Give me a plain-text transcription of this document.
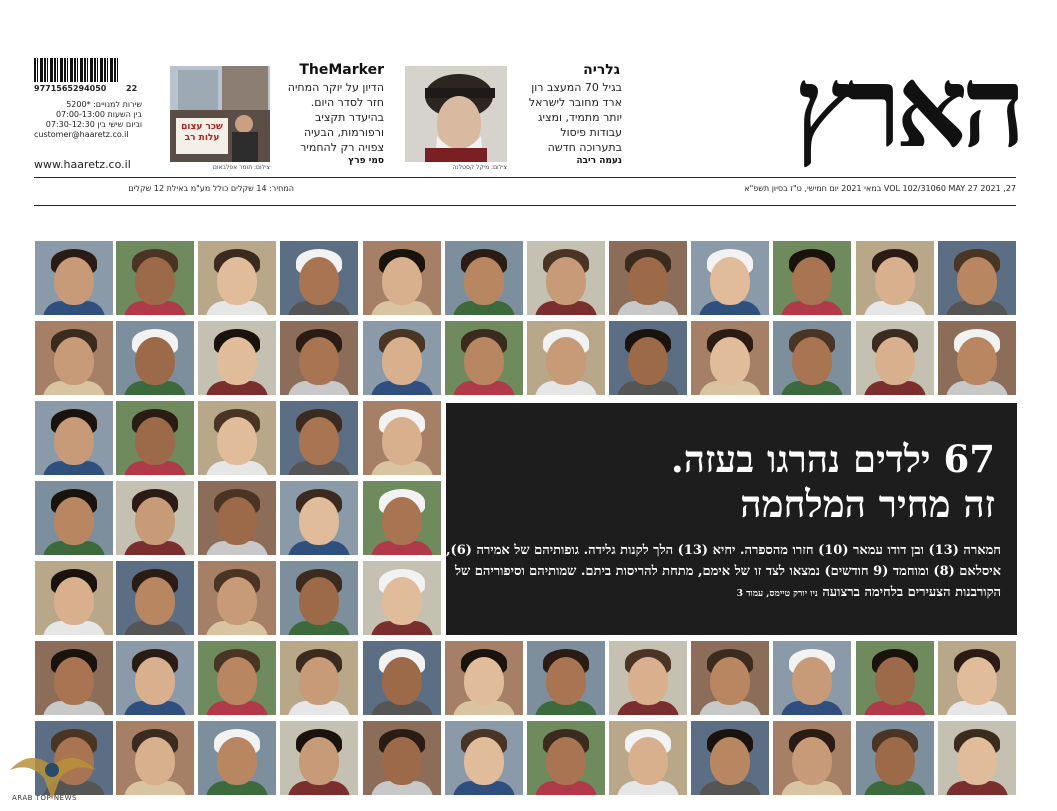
הארץ
גלריה
בגיל 70 המעצב רון ארד מחובר לישראל יותר מתמיד, ומציג עבודות פיסול בתערוכה חדשה
נעמה ריבה
צילום: מיקל קסטלנה
TheMarker
הדיון על יוקר המחיה חזר לסדר היום. בהיעדר תקציב ורפורמות, הבעיה צפויה רק להחמיר
סמי פרץ
שכר עצום עלות רב
צילום: תומר אפלבאום
9771565294050 22
שירות למנויים: *5200
בין השעות 07:00-13:00
וביום שישי בין 07:30-12:30
customer@haaretz.co.il
www.haaretz.co.il
VOL 102/31060 MAY 27 2021 ,27 במאי 2021 יום חמישי, ט"ז בסיון תשפ"א
המחיר: 14 שקלים כולל מע"מ באילת 12 שקלים
67 ילדים נהרגו בעזה.
זה מחיר המלחמה
חמארה (13) ובן דודו עמאר (10) חזרו מהספרה. יחיא (13) הלך לקנות גלידה. גופותיהם של אמירה (6), איסלאם (8) ומוחמד (9 חודשים) נמצאו לצד זו של אימם, מתחת להריסות ביתם. שמותיהם וסיפוריהם של הקורבנות הצעירים בלחימה ברצועה ניו יורק טיימס, עמוד 3
ARAB TOP NEWS
